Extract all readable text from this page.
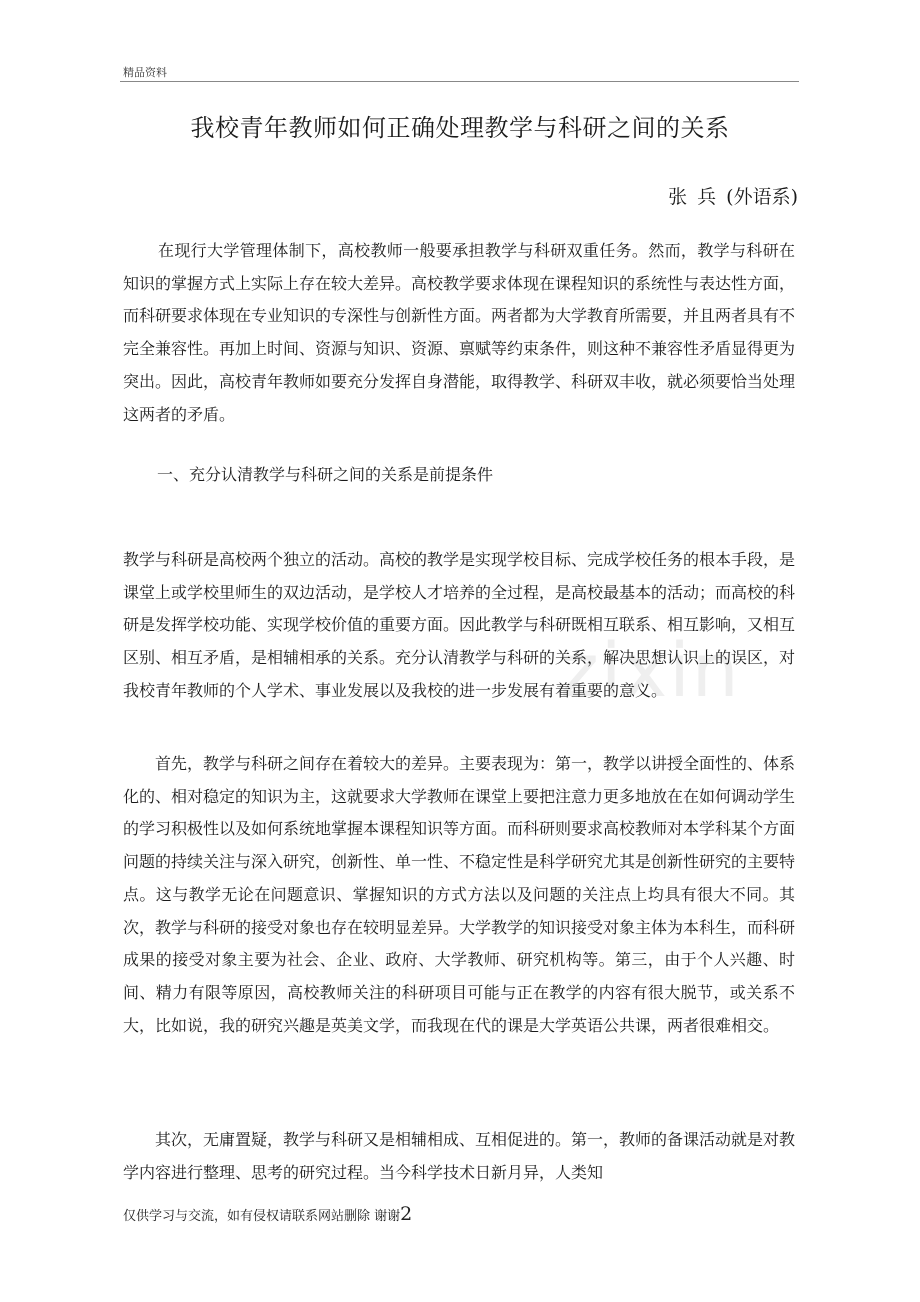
精品资料
zixin
我校青年教师如何正确处理教学与科研之间的关系
张兵(外语系)

在现行大学管理体制下，高校教师一般要承担教学与科研双重任务。然而，教学与科研在知识的掌握方式上实际上存在较大差异。高校教学要求体现在课程知识的系统性与表达性方面，而科研要求体现在专业知识的专深性与创新性方面。两者都为大学教育所需要，并且两者具有不完全兼容性。再加上时间、资源与知识、资源、禀赋等约束条件，则这种不兼容性矛盾显得更为突出。因此，高校青年教师如要充分发挥自身潜能，取得教学、科研双丰收，就必须要恰当处理这两者的矛盾。

一、充分认清教学与科研之间的关系是前提条件

教学与科研是高校两个独立的活动。高校的教学是实现学校目标、完成学校任务的根本手段，是课堂上或学校里师生的双边活动，是学校人才培养的全过程，是高校最基本的活动；而高校的科研是发挥学校功能、实现学校价值的重要方面。因此教学与科研既相互联系、相互影响，又相互区别、相互矛盾，是相辅相承的关系。充分认清教学与科研的关系，解决思想认识上的误区，对我校青年教师的个人学术、事业发展以及我校的进一步发展有着重要的意义。

首先，教学与科研之间存在着较大的差异。主要表现为：第一，教学以讲授全面性的、体系化的、相对稳定的知识为主，这就要求大学教师在课堂上要把注意力更多地放在在如何调动学生的学习积极性以及如何系统地掌握本课程知识等方面。而科研则要求高校教师对本学科某个方面问题的持续关注与深入研究，创新性、单一性、不稳定性是科学研究尤其是创新性研究的主要特点。这与教学无论在问题意识、掌握知识的方式方法以及问题的关注点上均具有很大不同。其次，教学与科研的接受对象也存在较明显差异。大学教学的知识接受对象主体为本科生，而科研成果的接受对象主要为社会、企业、政府、大学教师、研究机构等。第三，由于个人兴趣、时间、精力有限等原因，高校教师关注的科研项目可能与正在教学的内容有很大脱节，或关系不大，比如说，我的研究兴趣是英美文学，而我现在代的课是大学英语公共课，两者很难相交。

其次，无庸置疑，教学与科研又是相辅相成、互相促进的。第一，教师的备课活动就是对教学内容进行整理、思考的研究过程。当今科学技术日新月异，人类知

仅供学习与交流，如有侵权请联系网站删除 谢谢2
